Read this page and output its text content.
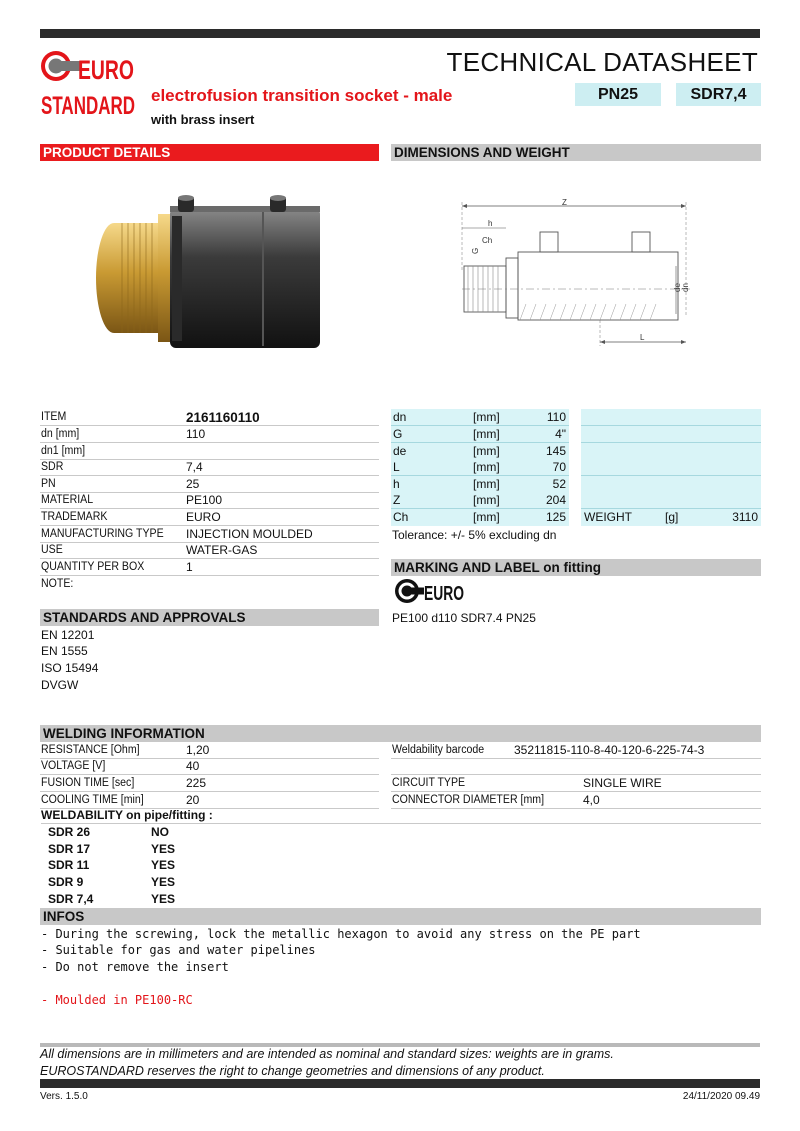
EURO
STANDARD
TECHNICAL DATASHEET
electrofusion transition socket - male
with brass insert
PN25	SDR7,4
PRODUCT DETAILS	DIMENSIONS AND WEIGHT
Z
h
Ch
G
de dn
L
ITEM	2161160110
dn [mm]	110
dn1 [mm]
SDR	7,4
PN	25
MATERIAL	PE100
TRADEMARK	EURO
MANUFACTURING TYPE INJECTION MOULDED
USE	WATER-GAS
QUANTITY PER BOX	1
NOTE:
dn	[mm]	110
G	[mm]	4"
de	[mm]	145
L	[mm]	70
h	[mm]	52
Z	[mm]	204
Ch	[mm]	125 WEIGHT	[g]	3110
Tolerance: +/- 5% excluding dn
MARKING AND LABEL on fitting
EURO
PE100 d110 SDR7.4 PN25
STANDARDS AND APPROVALS
EN 12201
EN 1555
ISO 15494
DVGW
WELDING INFORMATION
RESISTANCE [Ohm]	1,20
VOLTAGE [V]	40
FUSION TIME [sec]	225
COOLING TIME [min]	20
Weldability barcode 35211815-110-8-40-120-6-225-74-3
CIRCUIT TYPE	SINGLE WIRE
CONNECTOR DIAMETER [mm]	4,0
WELDABILITY on pipe/fitting :
SDR 26	NO
SDR 17	YES
SDR 11	YES
SDR 9	YES
SDR 7,4	YES
INFOS
- During the screwing, lock the metallic hexagon to avoid any stress on the PE part
- Suitable for gas and water pipelines
- Do not remove the insert
- Moulded in PE100-RC
All dimensions are in millimeters and are intended as nominal and standard sizes: weights are in grams.
EUROSTANDARD reserves the right to change geometries and dimensions of any product.
Vers. 1.5.0	24/11/2020 09.49
